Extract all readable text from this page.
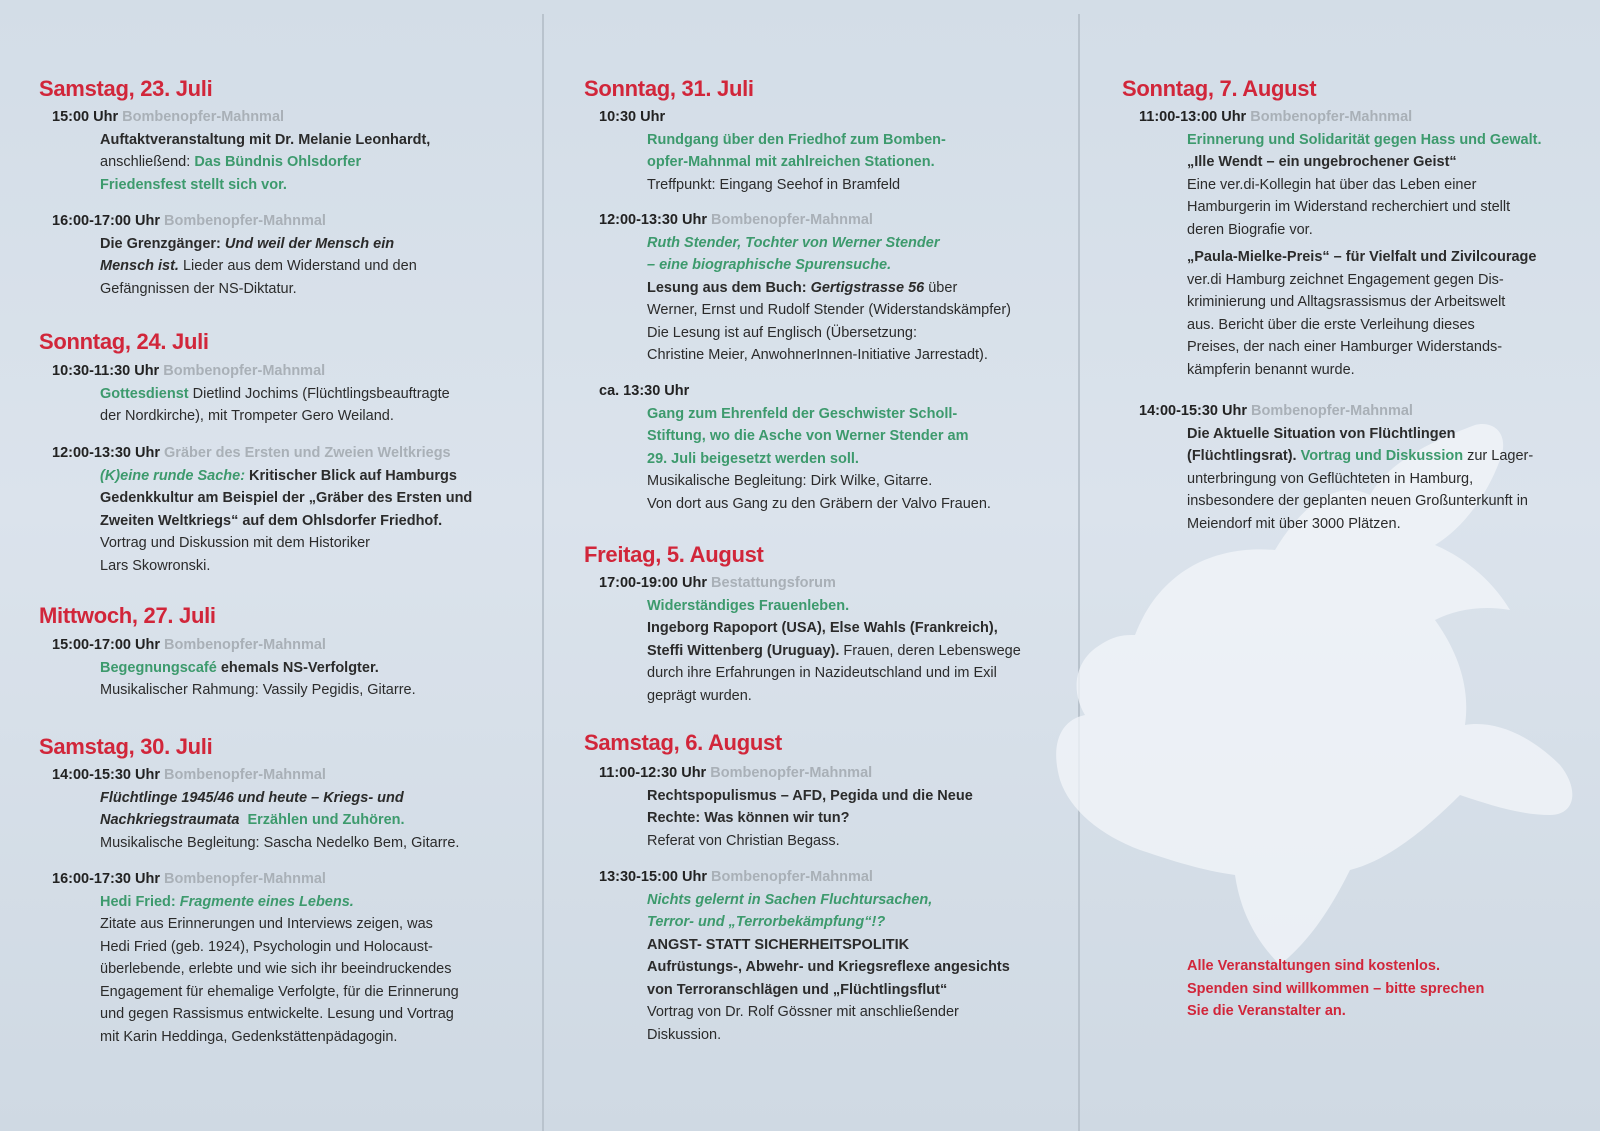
Samstag, 23. Juli
15:00 Uhr Bombenopfer-Mahnmal
Auftaktveranstaltung mit Dr. Melanie Leonhardt,
anschließend: Das Bündnis Ohlsdorfer
Friedensfest stellt sich vor.
16:00-17:00 Uhr Bombenopfer-Mahnmal
Die Grenzgänger: Und weil der Mensch ein
Mensch ist. Lieder aus dem Widerstand und den
Gefängnissen der NS-Diktatur.
Sonntag, 24. Juli
10:30-11:30 Uhr Bombenopfer-Mahnmal
Gottesdienst Dietlind Jochims (Flüchtlingsbeauftragte
der Nordkirche), mit Trompeter Gero Weiland.
12:00-13:30 Uhr Gräber des Ersten und Zweien Weltkriegs
(K)eine runde Sache: Kritischer Blick auf Hamburgs
Gedenkkultur am Beispiel der „Gräber des Ersten und
Zweiten Weltkriegs“ auf dem Ohlsdorfer Friedhof.
Vortrag und Diskussion mit dem Historiker
Lars Skowronski.
Mittwoch, 27. Juli
15:00-17:00 Uhr Bombenopfer-Mahnmal
Begegnungscafé ehemals NS-Verfolgter.
Musikalischer Rahmung: Vassily Pegidis, Gitarre.
Samstag, 30. Juli
14:00-15:30 Uhr Bombenopfer-Mahnmal
Flüchtlinge 1945/46 und heute – Kriegs- und
Nachkriegstraumata  Erzählen und Zuhören.
Musikalische Begleitung: Sascha Nedelko Bem, Gitarre.
16:00-17:30 Uhr Bombenopfer-Mahnmal
Hedi Fried: Fragmente eines Lebens.
Zitate aus Erinnerungen und Interviews zeigen, was
Hedi Fried (geb. 1924), Psychologin und Holocaust-
überlebende, erlebte und wie sich ihr beeindruckendes
Engagement für ehemalige Verfolgte, für die Erinnerung
und gegen Rassismus entwickelte. Lesung und Vortrag
mit Karin Heddinga, Gedenkstättenpädagogin.
Sonntag, 31. Juli
10:30 Uhr
Rundgang über den Friedhof zum Bomben-
opfer-Mahnmal mit zahlreichen Stationen.
Treffpunkt: Eingang Seehof in Bramfeld
12:00-13:30 Uhr Bombenopfer-Mahnmal
Ruth Stender, Tochter von Werner Stender
– eine biographische Spurensuche.
Lesung aus dem Buch: Gertigstrasse 56 über
Werner, Ernst und Rudolf Stender (Widerstandskämpfer)
Die Lesung ist auf Englisch (Übersetzung:
Christine Meier, AnwohnerInnen-Initiative Jarrestadt).
ca. 13:30 Uhr
Gang zum Ehrenfeld der Geschwister Scholl-
Stiftung, wo die Asche von Werner Stender am
29. Juli beigesetzt werden soll.
Musikalische Begleitung: Dirk Wilke, Gitarre.
Von dort aus Gang zu den Gräbern der Valvo Frauen.
Freitag, 5. August
17:00-19:00 Uhr Bestattungsforum
Widerständiges Frauenleben.
Ingeborg Rapoport (USA), Else Wahls (Frankreich),
Steffi Wittenberg (Uruguay). Frauen, deren Lebenswege
durch ihre Erfahrungen in Nazideutschland und im Exil
geprägt wurden.
Samstag, 6. August
11:00-12:30 Uhr Bombenopfer-Mahnmal
Rechtspopulismus – AFD, Pegida und die Neue
Rechte: Was können wir tun?
Referat von Christian Begass.
13:30-15:00 Uhr Bombenopfer-Mahnmal
Nichts gelernt in Sachen Fluchtursachen,
Terror- und „Terrorbekämpfung“!?
ANGST- STATT SICHERHEITSPOLITIK
Aufrüstungs-, Abwehr- und Kriegsreflexe angesichts
von Terroranschlägen und „Flüchtlingsflut“
Vortrag von Dr. Rolf Gössner mit anschließender
Diskussion.
Sonntag, 7. August
11:00-13:00 Uhr Bombenopfer-Mahnmal
Erinnerung und Solidarität gegen Hass und Gewalt.
„Ille Wendt – ein ungebrochener Geist“
Eine ver.di-Kollegin hat über das Leben einer
Hamburgerin im Widerstand recherchiert und stellt
deren Biografie vor.
„Paula-Mielke-Preis“ – für Vielfalt und Zivilcourage
ver.di Hamburg zeichnet Engagement gegen Dis-
kriminierung und Alltagsrassismus der Arbeitswelt
aus. Bericht über die erste Verleihung dieses
Preises, der nach einer Hamburger Widerstands-
kämpferin benannt wurde.
14:00-15:30 Uhr Bombenopfer-Mahnmal
Die Aktuelle Situation von Flüchtlingen
(Flüchtlingsrat). Vortrag und Diskussion zur Lager-
unterbringung von Geflüchteten in Hamburg,
insbesondere der geplanten neuen Großunterkunft in
Meiendorf mit über 3000 Plätzen.
Alle Veranstaltungen sind kostenlos.
Spenden sind willkommen – bitte sprechen
Sie die Veranstalter an.
